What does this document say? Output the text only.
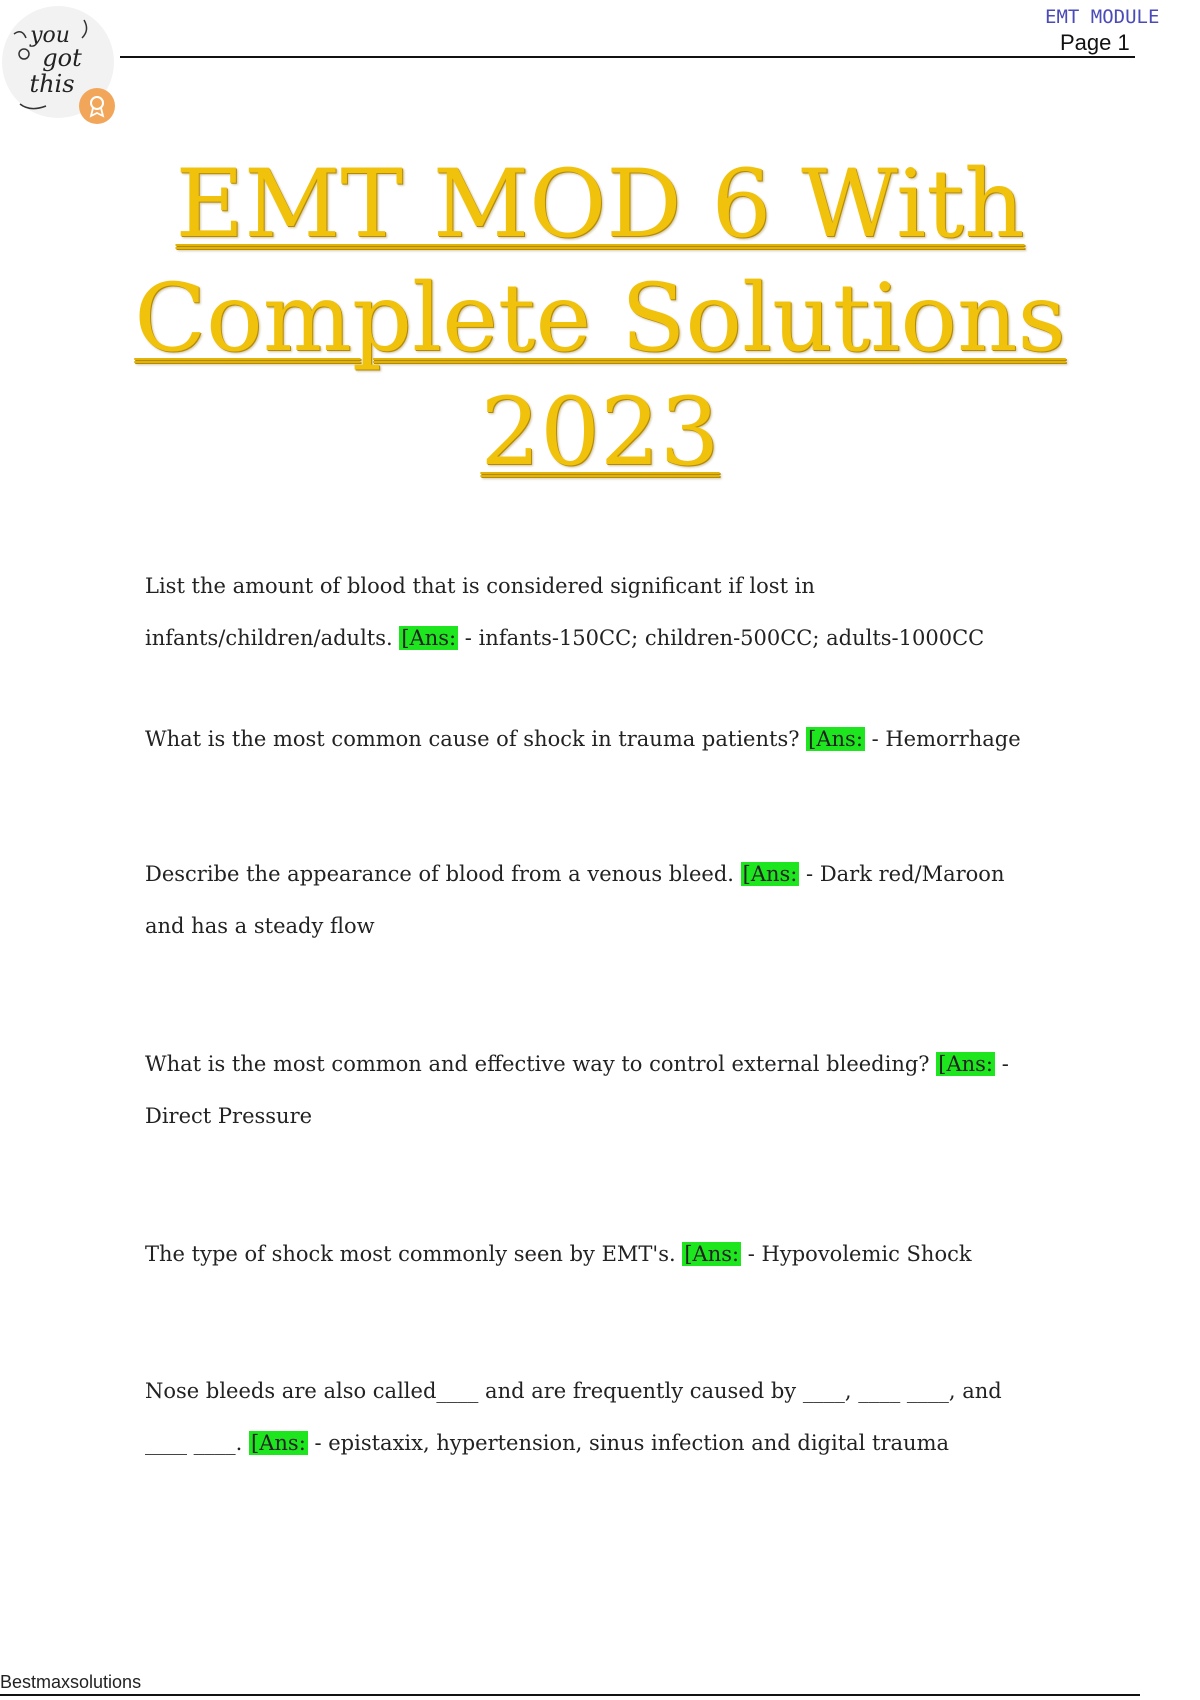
you
got
this
EMT MODULE
Page 1
EMT MOD 6 With Complete Solutions 2023
List the amount of blood that is considered significant if lost in infants/children/adults. [Ans: - infants-150CC; children-500CC; adults-1000CC
What is the most common cause of shock in trauma patients? [Ans: - Hemorrhage
Describe the appearance of blood from a venous bleed. [Ans: - Dark red/Maroon and has a steady flow
What is the most common and effective way to control external bleeding? [Ans: - Direct Pressure
The type of shock most commonly seen by EMT's. [Ans: - Hypovolemic Shock
Nose bleeds are also called____ and are frequently caused by ____, ____ ____, and ____ ____. [Ans: - epistaxix, hypertension, sinus infection and digital trauma
Bestmaxsolutions
